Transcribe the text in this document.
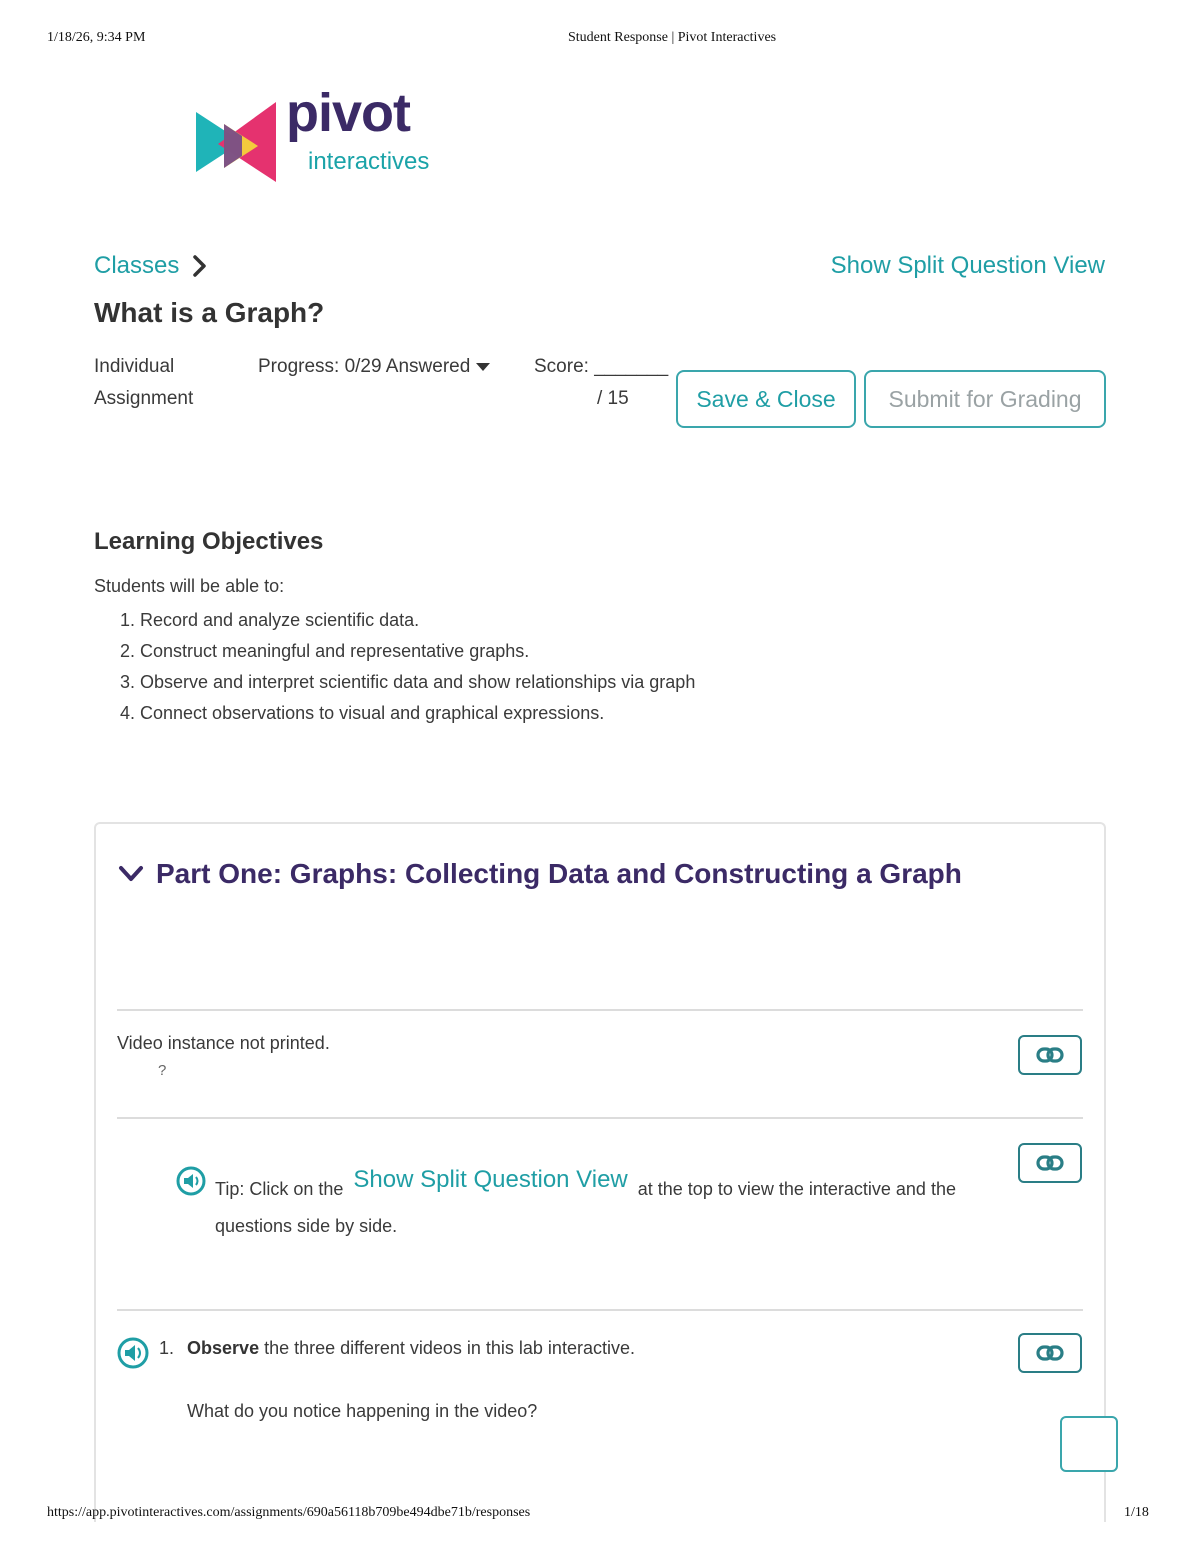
1/18/26, 9:34 PM	Student Response | Pivot Interactives
pivot
interactives
Classes	Show Split Question View
What is a Graph?
Individual
Assignment
Progress: 0/29 Answered	Score: _______
/ 15	Save & Close	Submit for Grading
Learning Objectives
Students will be able to:
1. Record and analyze scientific data.
2. Construct meaningful and representative graphs.
3. Observe and interpret scientific data and show relationships via graph
4. Connect observations to visual and graphical expressions.
Part One: Graphs: Collecting Data and Constructing a Graph
Video instance not printed.
?
Tip: Click on the Show Split Question View at the top to view the interactive and the
questions side by side.
1. Observe the three different videos in this lab interactive.
What do you notice happening in the video?
https://app.pivotinteractives.com/assignments/690a56118b709be494dbe71b/responses	1/18
